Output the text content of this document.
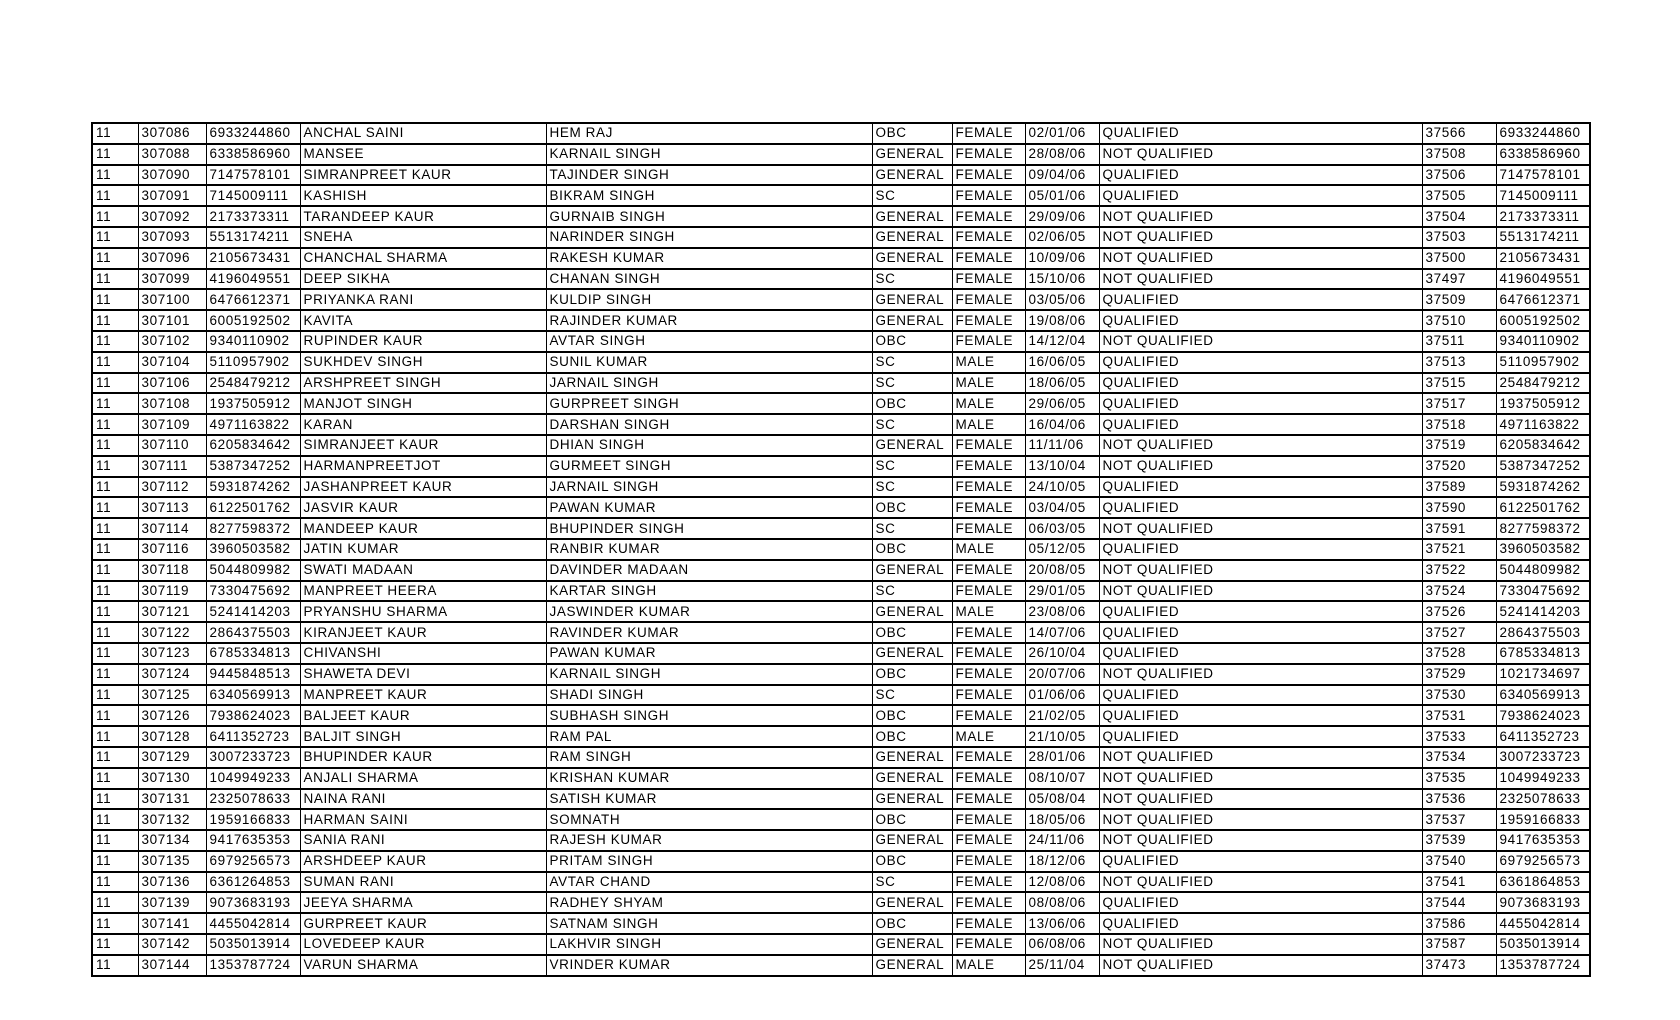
11	307086	6933244860	ANCHAL SAINI	HEM RAJ	OBC	FEMALE	02/01/06	QUALIFIED	37566	6933244860
11	307088	6338586960	MANSEE	KARNAIL SINGH	GENERAL	FEMALE	28/08/06	NOT QUALIFIED	37508	6338586960
11	307090	7147578101	SIMRANPREET KAUR	TAJINDER SINGH	GENERAL	FEMALE	09/04/06	QUALIFIED	37506	7147578101
11	307091	7145009111	KASHISH	BIKRAM SINGH	SC	FEMALE	05/01/06	QUALIFIED	37505	7145009111
11	307092	2173373311	TARANDEEP KAUR	GURNAIB SINGH	GENERAL	FEMALE	29/09/06	NOT QUALIFIED	37504	2173373311
11	307093	5513174211	SNEHA	NARINDER SINGH	GENERAL	FEMALE	02/06/05	NOT QUALIFIED	37503	5513174211
11	307096	2105673431	CHANCHAL SHARMA	RAKESH KUMAR	GENERAL	FEMALE	10/09/06	NOT QUALIFIED	37500	2105673431
11	307099	4196049551	DEEP SIKHA	CHANAN SINGH	SC	FEMALE	15/10/06	NOT QUALIFIED	37497	4196049551
11	307100	6476612371	PRIYANKA RANI	KULDIP SINGH	GENERAL	FEMALE	03/05/06	QUALIFIED	37509	6476612371
11	307101	6005192502	KAVITA	RAJINDER KUMAR	GENERAL	FEMALE	19/08/06	QUALIFIED	37510	6005192502
11	307102	9340110902	RUPINDER KAUR	AVTAR SINGH	OBC	FEMALE	14/12/04	NOT QUALIFIED	37511	9340110902
11	307104	5110957902	SUKHDEV SINGH	SUNIL KUMAR	SC	MALE	16/06/05	QUALIFIED	37513	5110957902
11	307106	2548479212	ARSHPREET SINGH	JARNAIL SINGH	SC	MALE	18/06/05	QUALIFIED	37515	2548479212
11	307108	1937505912	MANJOT SINGH	GURPREET SINGH	OBC	MALE	29/06/05	QUALIFIED	37517	1937505912
11	307109	4971163822	KARAN	DARSHAN SINGH	SC	MALE	16/04/06	QUALIFIED	37518	4971163822
11	307110	6205834642	SIMRANJEET KAUR	DHIAN SINGH	GENERAL	FEMALE	11/11/06	NOT QUALIFIED	37519	6205834642
11	307111	5387347252	HARMANPREETJOT	GURMEET SINGH	SC	FEMALE	13/10/04	NOT QUALIFIED	37520	5387347252
11	307112	5931874262	JASHANPREET KAUR	JARNAIL SINGH	SC	FEMALE	24/10/05	QUALIFIED	37589	5931874262
11	307113	6122501762	JASVIR KAUR	PAWAN KUMAR	OBC	FEMALE	03/04/05	QUALIFIED	37590	6122501762
11	307114	8277598372	MANDEEP KAUR	BHUPINDER SINGH	SC	FEMALE	06/03/05	NOT QUALIFIED	37591	8277598372
11	307116	3960503582	JATIN KUMAR	RANBIR KUMAR	OBC	MALE	05/12/05	QUALIFIED	37521	3960503582
11	307118	5044809982	SWATI MADAAN	DAVINDER MADAAN	GENERAL	FEMALE	20/08/05	NOT QUALIFIED	37522	5044809982
11	307119	7330475692	MANPREET HEERA	KARTAR SINGH	SC	FEMALE	29/01/05	NOT QUALIFIED	37524	7330475692
11	307121	5241414203	PRYANSHU SHARMA	JASWINDER KUMAR	GENERAL	MALE	23/08/06	QUALIFIED	37526	5241414203
11	307122	2864375503	KIRANJEET KAUR	RAVINDER KUMAR	OBC	FEMALE	14/07/06	QUALIFIED	37527	2864375503
11	307123	6785334813	CHIVANSHI	PAWAN KUMAR	GENERAL	FEMALE	26/10/04	QUALIFIED	37528	6785334813
11	307124	9445848513	SHAWETA DEVI	KARNAIL SINGH	OBC	FEMALE	20/07/06	NOT QUALIFIED	37529	1021734697
11	307125	6340569913	MANPREET KAUR	SHADI SINGH	SC	FEMALE	01/06/06	QUALIFIED	37530	6340569913
11	307126	7938624023	BALJEET KAUR	SUBHASH SINGH	OBC	FEMALE	21/02/05	QUALIFIED	37531	7938624023
11	307128	6411352723	BALJIT SINGH	RAM PAL	OBC	MALE	21/10/05	QUALIFIED	37533	6411352723
11	307129	3007233723	BHUPINDER KAUR	RAM SINGH	GENERAL	FEMALE	28/01/06	NOT QUALIFIED	37534	3007233723
11	307130	1049949233	ANJALI SHARMA	KRISHAN KUMAR	GENERAL	FEMALE	08/10/07	NOT QUALIFIED	37535	1049949233
11	307131	2325078633	NAINA RANI	SATISH KUMAR	GENERAL	FEMALE	05/08/04	NOT QUALIFIED	37536	2325078633
11	307132	1959166833	HARMAN SAINI	SOMNATH	OBC	FEMALE	18/05/06	NOT QUALIFIED	37537	1959166833
11	307134	9417635353	SANIA RANI	RAJESH KUMAR	GENERAL	FEMALE	24/11/06	NOT QUALIFIED	37539	9417635353
11	307135	6979256573	ARSHDEEP KAUR	PRITAM SINGH	OBC	FEMALE	18/12/06	QUALIFIED	37540	6979256573
11	307136	6361264853	SUMAN RANI	AVTAR CHAND	SC	FEMALE	12/08/06	NOT QUALIFIED	37541	6361864853
11	307139	9073683193	JEEYA SHARMA	RADHEY SHYAM	GENERAL	FEMALE	08/08/06	QUALIFIED	37544	9073683193
11	307141	4455042814	GURPREET KAUR	SATNAM SINGH	OBC	FEMALE	13/06/06	QUALIFIED	37586	4455042814
11	307142	5035013914	LOVEDEEP KAUR	LAKHVIR SINGH	GENERAL	FEMALE	06/08/06	NOT QUALIFIED	37587	5035013914
11	307144	1353787724	VARUN SHARMA	VRINDER KUMAR	GENERAL	MALE	25/11/04	NOT QUALIFIED	37473	1353787724
